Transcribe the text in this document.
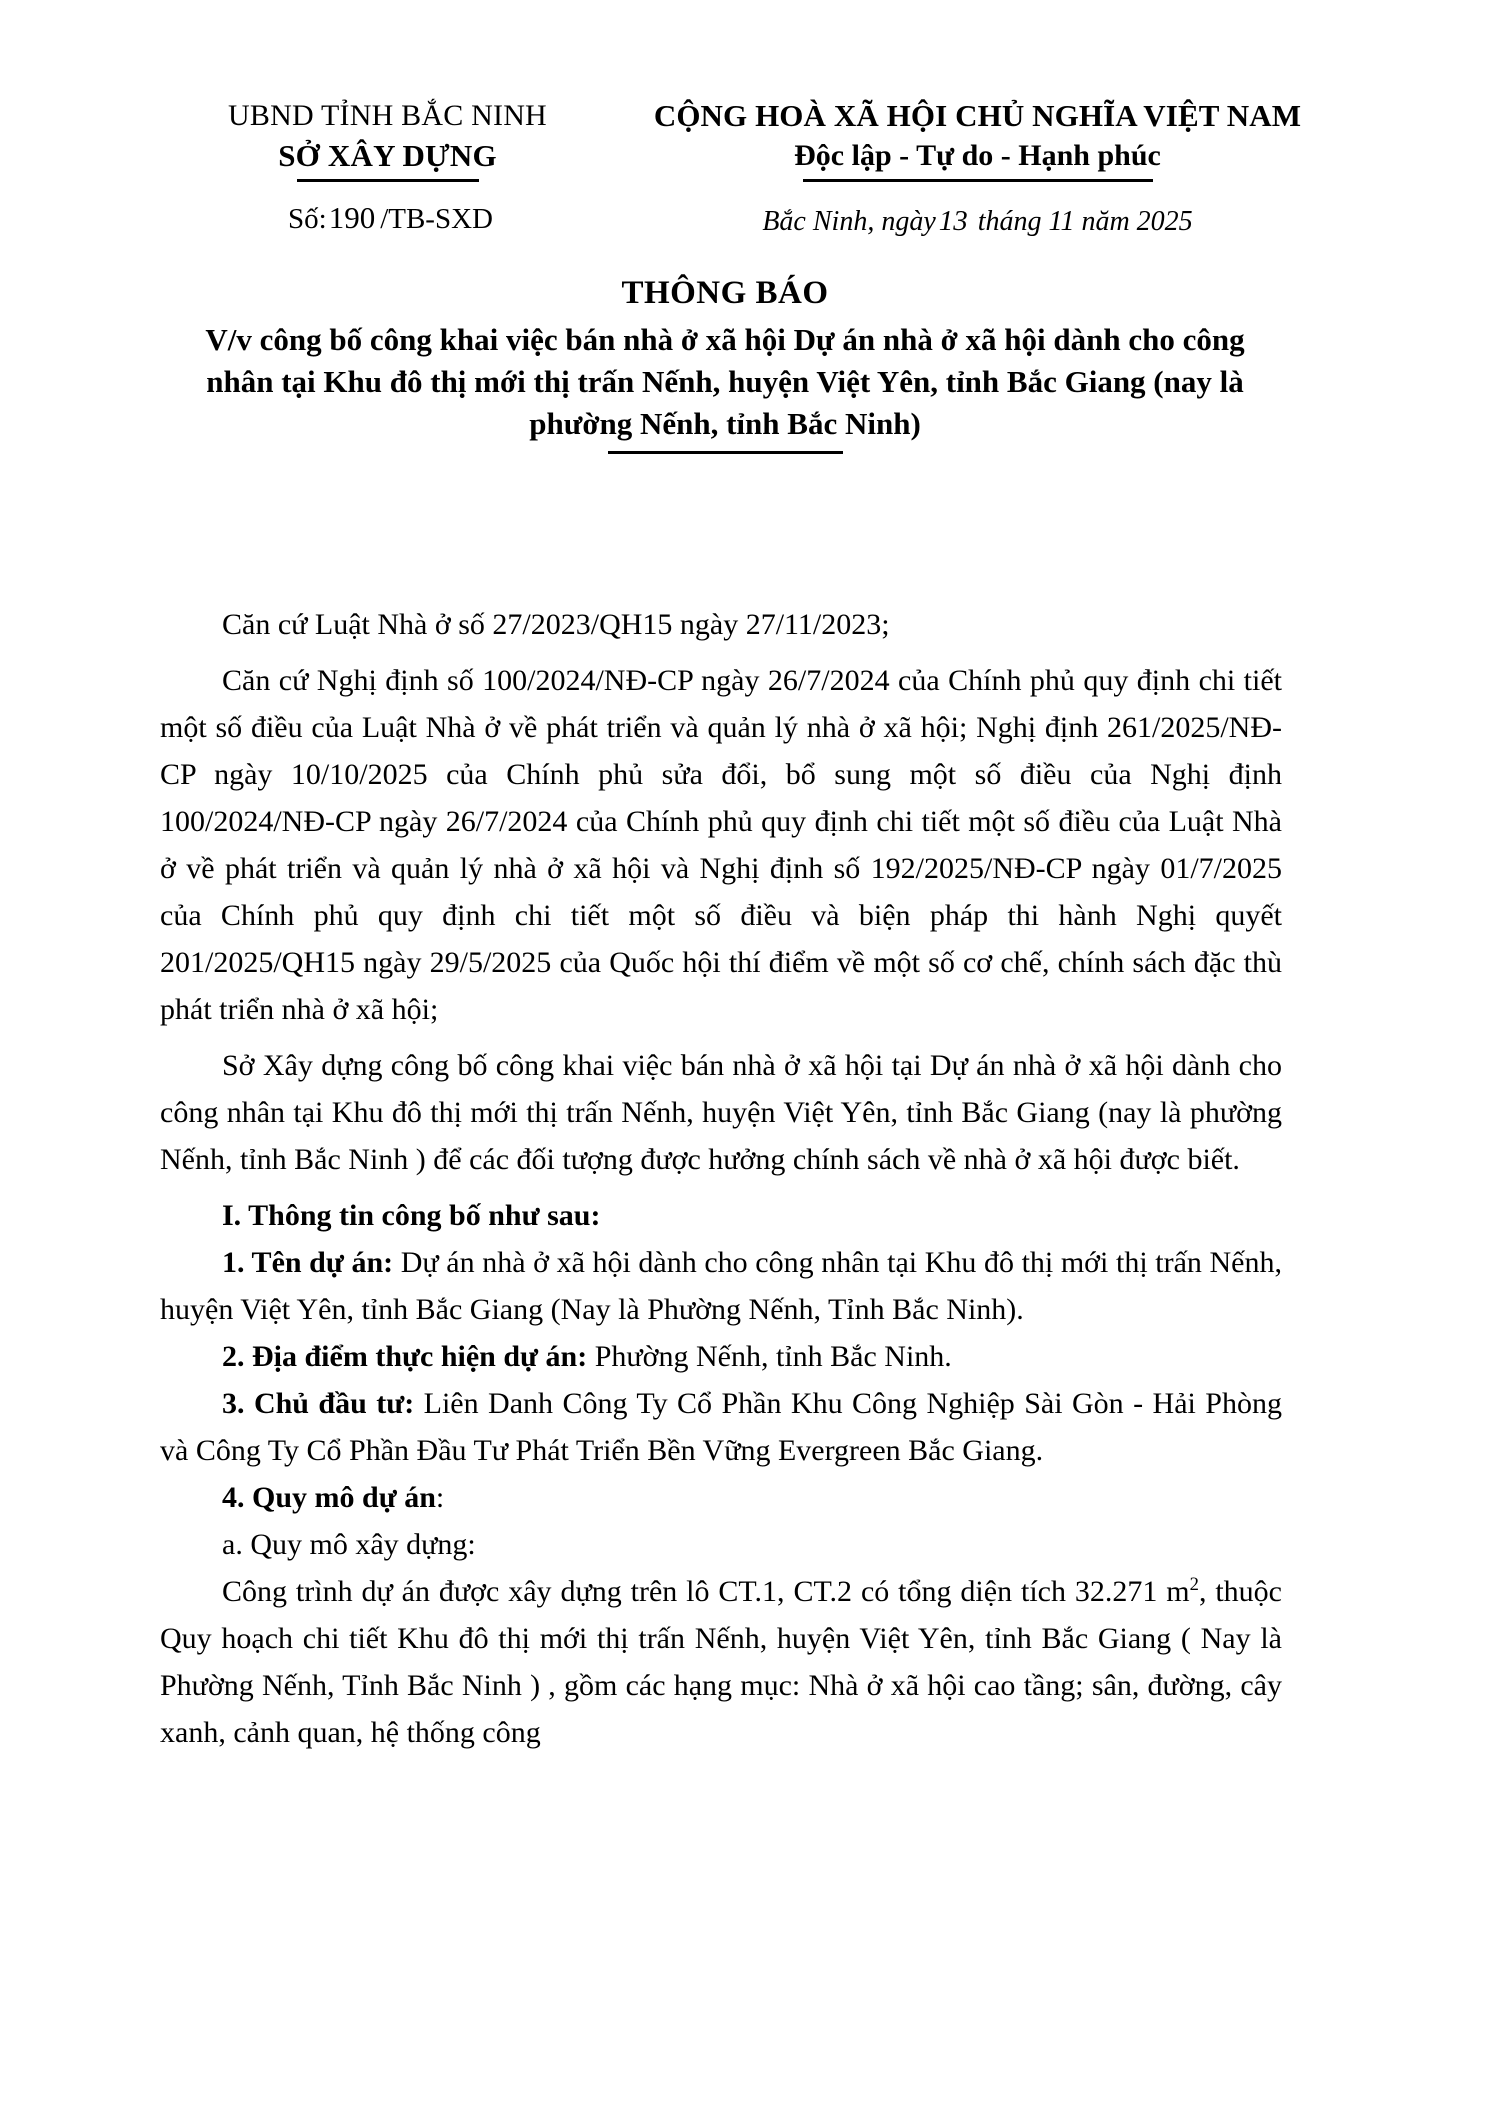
UBND TỈNH BẮC NINH
SỞ XÂY DỰNG
Số:190 /TB-SXD
CỘNG HOÀ XÃ HỘI CHỦ NGHĨA VIỆT NAM
Độc lập - Tự do - Hạnh phúc
Bắc Ninh, ngày 13 tháng 11 năm 2025
THÔNG BÁO
V/v công bố công khai việc bán nhà ở xã hội Dự án nhà ở xã hội dành cho công nhân tại Khu đô thị mới thị trấn Nếnh, huyện Việt Yên, tỉnh Bắc Giang (nay là phường Nếnh, tỉnh Bắc Ninh)

Căn cứ Luật Nhà ở số 27/2023/QH15 ngày 27/11/2023;

Căn cứ Nghị định số 100/2024/NĐ-CP ngày 26/7/2024 của Chính phủ quy định chi tiết một số điều của Luật Nhà ở về phát triển và quản lý nhà ở xã hội; Nghị định 261/2025/NĐ-CP ngày 10/10/2025 của Chính phủ sửa đổi, bổ sung một số điều của Nghị định 100/2024/NĐ-CP ngày 26/7/2024 của Chính phủ quy định chi tiết một số điều của Luật Nhà ở về phát triển và quản lý nhà ở xã hội và Nghị định số 192/2025/NĐ-CP ngày 01/7/2025 của Chính phủ quy định chi tiết một số điều và biện pháp thi hành Nghị quyết 201/2025/QH15 ngày 29/5/2025 của Quốc hội thí điểm về một số cơ chế, chính sách đặc thù phát triển nhà ở xã hội;

Sở Xây dựng công bố công khai việc bán nhà ở xã hội tại Dự án nhà ở xã hội dành cho công nhân tại Khu đô thị mới thị trấn Nếnh, huyện Việt Yên, tỉnh Bắc Giang (nay là phường Nếnh, tỉnh Bắc Ninh ) để các đối tượng được hưởng chính sách về nhà ở xã hội được biết.

I. Thông tin công bố như sau:

1. Tên dự án: Dự án nhà ở xã hội dành cho công nhân tại Khu đô thị mới thị trấn Nếnh, huyện Việt Yên, tỉnh Bắc Giang (Nay là Phường Nếnh, Tỉnh Bắc Ninh).

2. Địa điểm thực hiện dự án: Phường Nếnh, tỉnh Bắc Ninh.

3. Chủ đầu tư: Liên Danh Công Ty Cổ Phần Khu Công Nghiệp Sài Gòn - Hải Phòng và Công Ty Cổ Phần Đầu Tư Phát Triển Bền Vững Evergreen Bắc Giang.

4. Quy mô dự án:

a. Quy mô xây dựng:

Công trình dự án được xây dựng trên lô CT.1, CT.2 có tổng diện tích 32.271 $m^2$, thuộc Quy hoạch chi tiết Khu đô thị mới thị trấn Nếnh, huyện Việt Yên, tỉnh Bắc Giang ( Nay là Phường Nếnh, Tỉnh Bắc Ninh ) , gồm các hạng mục: Nhà ở xã hội cao tầng; sân, đường, cây xanh, cảnh quan, hệ thống công
